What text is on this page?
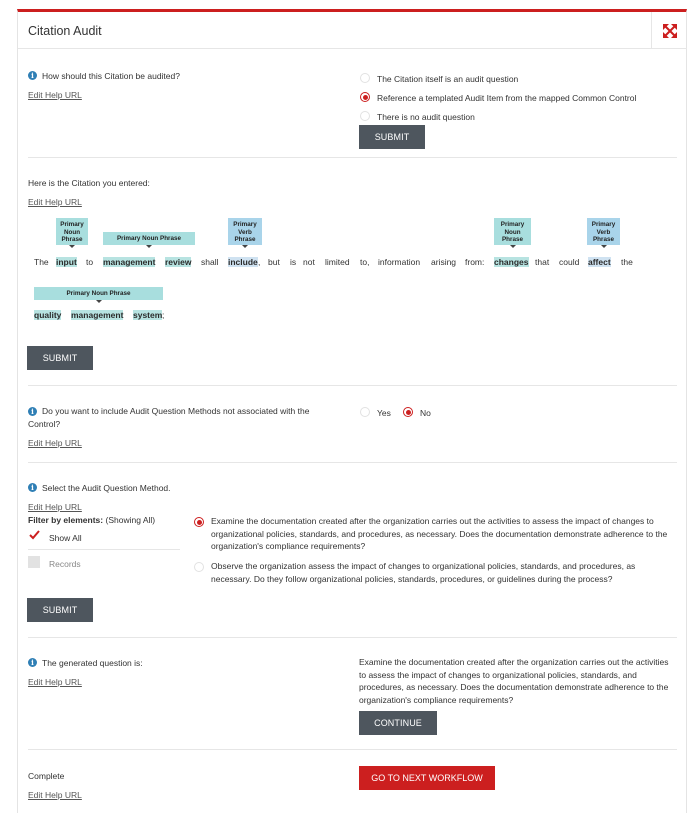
Citation Audit
i How should this Citation be audited?
Edit Help URL
The Citation itself is an audit question
Reference a templated Audit Item from the mapped Common Control
There is no audit question
SUBMIT
Here is the Citation you entered:
Edit Help URL
Primary
Noun
Phrase	Primary Noun Phrase
Primary
Verb
Phrase
Primary
Noun
Phrase
Primary
Verb
Phrase
The input to management review shall include , but is not limited to, information arising from: changes that could affect the
Primary Noun Phrase
quality management system ;
SUBMIT
i Do you want to include Audit Question Methods not associated with the Control?
Edit Help URL
Yes	No
i Select the Audit Question Method.
Edit Help URL
Filter by elements: (Showing All)
Show All
Records
Examine the documentation created after the organization carries out the activities to assess the impact of changes to organizational policies, standards, and procedures, as necessary. Does the documentation demonstrate adherence to the organization's compliance requirements?
Observe the organization assess the impact of changes to organizational policies, standards, and procedures, as necessary. Do they follow organizational policies, standards, procedures, or guidelines during the process?
SUBMIT
i The generated question is:
Edit Help URL
Examine the documentation created after the organization carries out the activities to assess the impact of changes to organizational policies, standards, and procedures, as necessary. Does the documentation demonstrate adherence to the organization's compliance requirements?
CONTINUE
Complete
Edit Help URL
GO TO NEXT WORKFLOW
